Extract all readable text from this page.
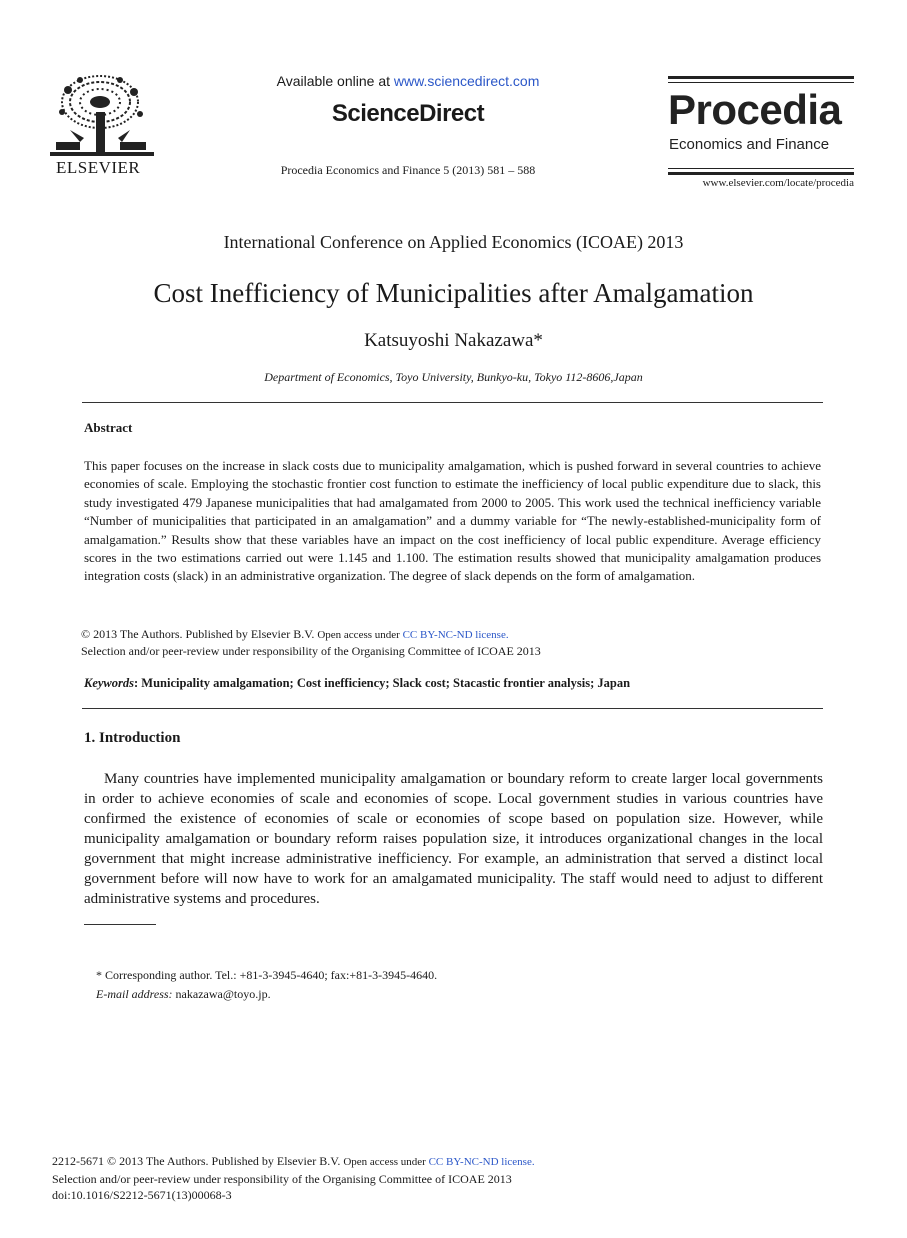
ELSEVIER
Available online at www.sciencedirect.com
ScienceDirect
Procedia Economics and Finance 5 (2013) 581 – 588
Procedia
Economics and Finance
www.elsevier.com/locate/procedia
International Conference on Applied Economics (ICOAE) 2013
Cost Inefficiency of Municipalities after Amalgamation
Katsuyoshi Nakazawa*
Department of Economics, Toyo University, Bunkyo-ku, Tokyo 112-8606,Japan
Abstract
This paper focuses on the increase in slack costs due to municipality amalgamation, which is pushed forward in several countries to achieve economies of scale. Employing the stochastic frontier cost function to estimate the inefficiency of local public expenditure due to slack, this study investigated 479 Japanese municipalities that had amalgamated from 2000 to 2005. This work used the technical inefficiency variable “Number of municipalities that participated in an amalgamation” and a dummy variable for “The newly-established-municipality form of amalgamation.” Results show that these variables have an impact on the cost inefficiency of local public expenditure. Average efficiency scores in the two estimations carried out were 1.145 and 1.100. The estimation results showed that municipality amalgamation produces integration costs (slack) in an administrative organization. The degree of slack depends on the form of amalgamation.
© 2013 The Authors. Published by Elsevier B.V. Open access under CC BY-NC-ND license.
Selection and/or peer-review under responsibility of the Organising Committee of ICOAE 2013
Keywords: Municipality amalgamation; Cost inefficiency; Slack cost; Stacastic frontier analysis; Japan
1. Introduction
Many countries have implemented municipality amalgamation or boundary reform to create larger local governments in order to achieve economies of scale and economies of scope. Local government studies in various countries have confirmed the existence of economies of scale or economies of scope based on population size. However, while municipality amalgamation or boundary reform raises population size, it introduces organizational changes in the local government that might increase administrative inefficiency. For example, an administration that served a distinct local government before will now have to work for an amalgamated municipality. The staff would need to adjust to different administrative systems and procedures.
* Corresponding author. Tel.: +81-3-3945-4640; fax:+81-3-3945-4640.
E-mail address: nakazawa@toyo.jp.
2212-5671 © 2013 The Authors. Published by Elsevier B.V. Open access under CC BY-NC-ND license.
Selection and/or peer-review under responsibility of the Organising Committee of ICOAE 2013
doi:10.1016/S2212-5671(13)00068-3
